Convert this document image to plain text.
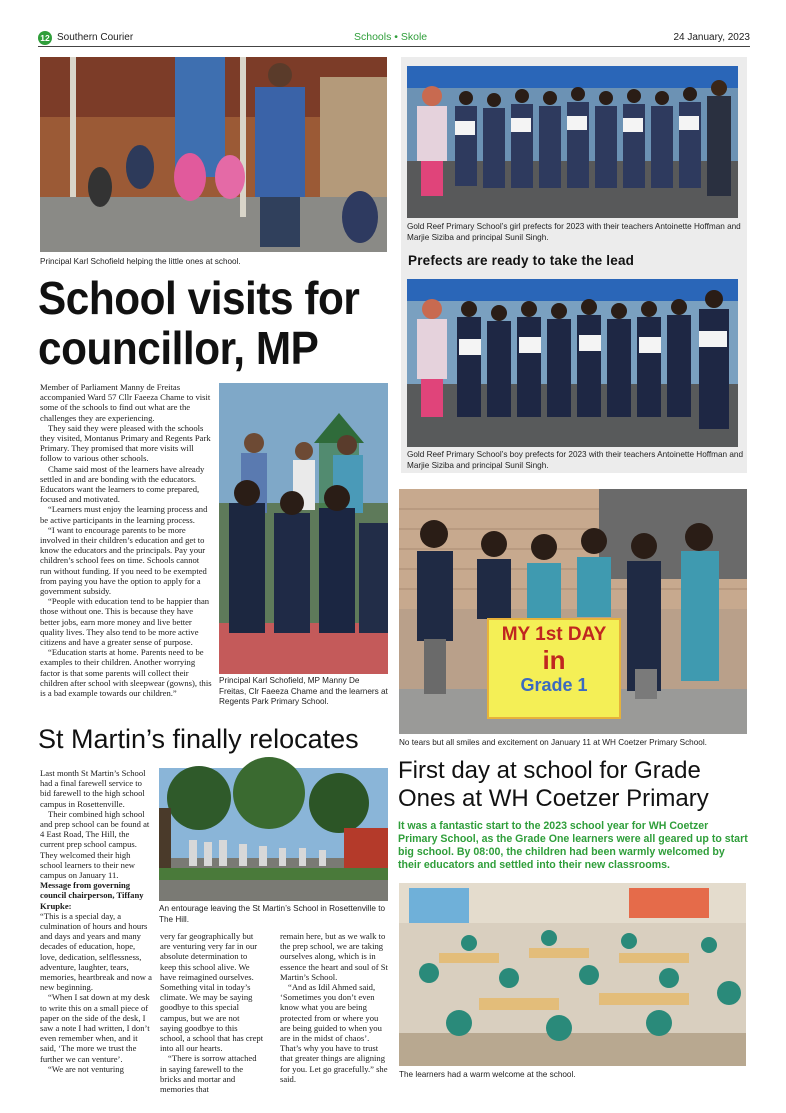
12 Southern Courier	Schools • Skole	24 January, 2023
Principal Karl Schofield helping the little ones at school.
School visits for
councillor, MP

Member of Parliament Manny de Freitas accompanied Ward 57 Cllr Faeeza Chame to visit some of the schools to find out what are the challenges they are experiencing.

They said they were pleased with the schools they visited, Montanus Primary and Regents Park Primary. They promised that more visits will follow to various other schools.

Chame said most of the learners have already settled in and are bonding with the educators. Educators want the learners to come prepared, focused and motivated.

“Learners must enjoy the learning process and be active participants in the learning process.

“I want to encourage parents to be more involved in their children’s education and get to know the educators and the principals. Pay your children’s school fees on time. Schools cannot run without funding. If you need to be exempted from paying you have the option to apply for a government subsidy.

“People with education tend to be happier than those without one. This is because they have better jobs, earn more money and live better quality lives. They also tend to be more active citizens and have a greater sense of purpose.

“Education starts at home. Parents need to be examples to their children. Another worrying factor is that some parents will collect their children after school with sleepwear (gowns), this is a bad example towards our children.”

Principal Karl Schofield, MP Manny De Freitas, Clr Faeeza Chame and the learners at Regents Park Primary School.
Gold Reef Primary School’s girl prefects for 2023 with their teachers Antoinette Hoffman and Marjie Siziba and principal Sunil Singh.
Prefects are ready to take the lead
Gold Reef Primary School’s boy prefects for 2023 with their teachers Antoinette Hoffman and Marjie Siziba and principal Sunil Singh.
MY 1st DAY
in
Grade 1
No tears but all smiles and excitement on January 11 at WH Coetzer Primary School.
First day at school for Grade
Ones at WH Coetzer Primary
It was a fantastic start to the 2023 school year for WH Coetzer Primary School, as the Grade One learners were all geared up to start big school. By 08:00, the children had been warmly welcomed by their educators and settled into their new classrooms.
The learners had a warm welcome at the school.
St Martin’s finally relocates

Last month St Martin’s School had a final farewell service to bid farewell to the high school campus in Rosettenville.

Their combined high school and prep school can be found at 4 East Road, The Hill, the current prep school campus. They welcomed their high school learners to their new campus on January 11.

Message from governing council chairperson, Tiffany Krupke:

“This is a special day, a culmination of hours and hours and days and years and many decades of education, hope, love, dedication, selflessness, adventure, laughter, tears, memories, heartbreak and now a new beginning.

“When I sat down at my desk to write this on a small piece of paper on the side of the desk, I saw a note I had written, I don’t even remember when, and it said, ‘The more we trust the further we can venture’.

“We are not venturing

An entourage leaving the St Martin’s School in Rosettenville to The Hill.

very far geographically but are venturing very far in our absolute determination to keep this school alive. We have reimagined ourselves. Something vital in today’s climate. We may be saying goodbye to this special campus, but we are not saying goodbye to this school, a school that has crept into all our hearts.

“There is sorrow attached in saying farewell to the bricks and mortar and memories that

remain here, but as we walk to the prep school, we are taking ourselves along, which is in essence the heart and soul of St Martin’s School.

“And as Idil Ahmed said, ‘Sometimes you don’t even know what you are being protected from or where you are being guided to when you are in the midst of chaos’. That’s why you have to trust that greater things are aligning for you. Let go gracefully.” she said.
